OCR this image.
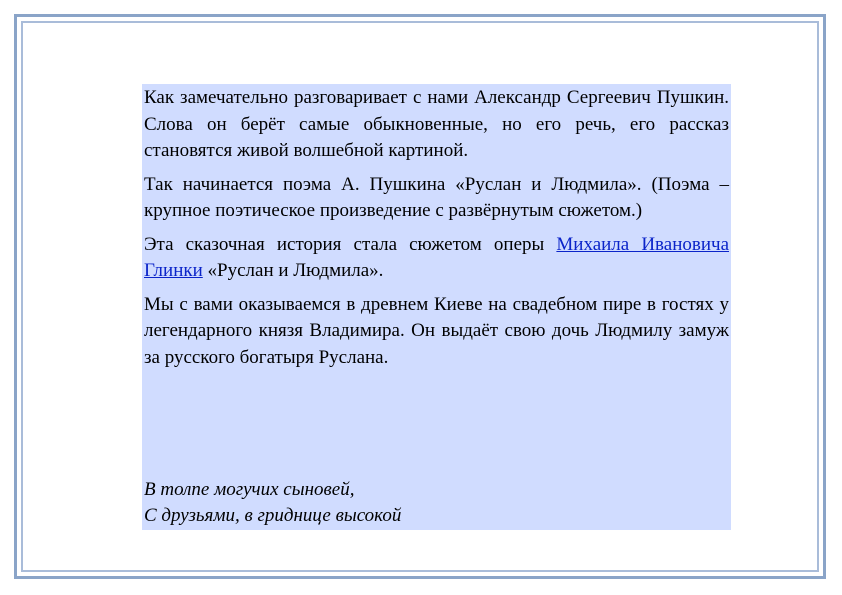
Как замечательно разговаривает с нами Александр Сергеевич Пушкин. Слова он берёт самые обыкновенные, но его речь, его рассказ становятся живой волшебной картиной.

Так начинается поэма А. Пушкина «Руслан и Людмила». (Поэма – крупное поэтическое произведение с развёрнутым сюжетом.)

Эта сказочная история стала сюжетом оперы Михаила Ивановича Глинки «Руслан и Людмила».

Мы с вами оказываемся в древнем Киеве на свадебном пире в гостях у легендарного князя Владимира. Он выдаёт свою дочь Людмилу замуж за русского богатыря Руслана.

В толпе могучих сыновей,
С друзьями, в гриднице высокой
